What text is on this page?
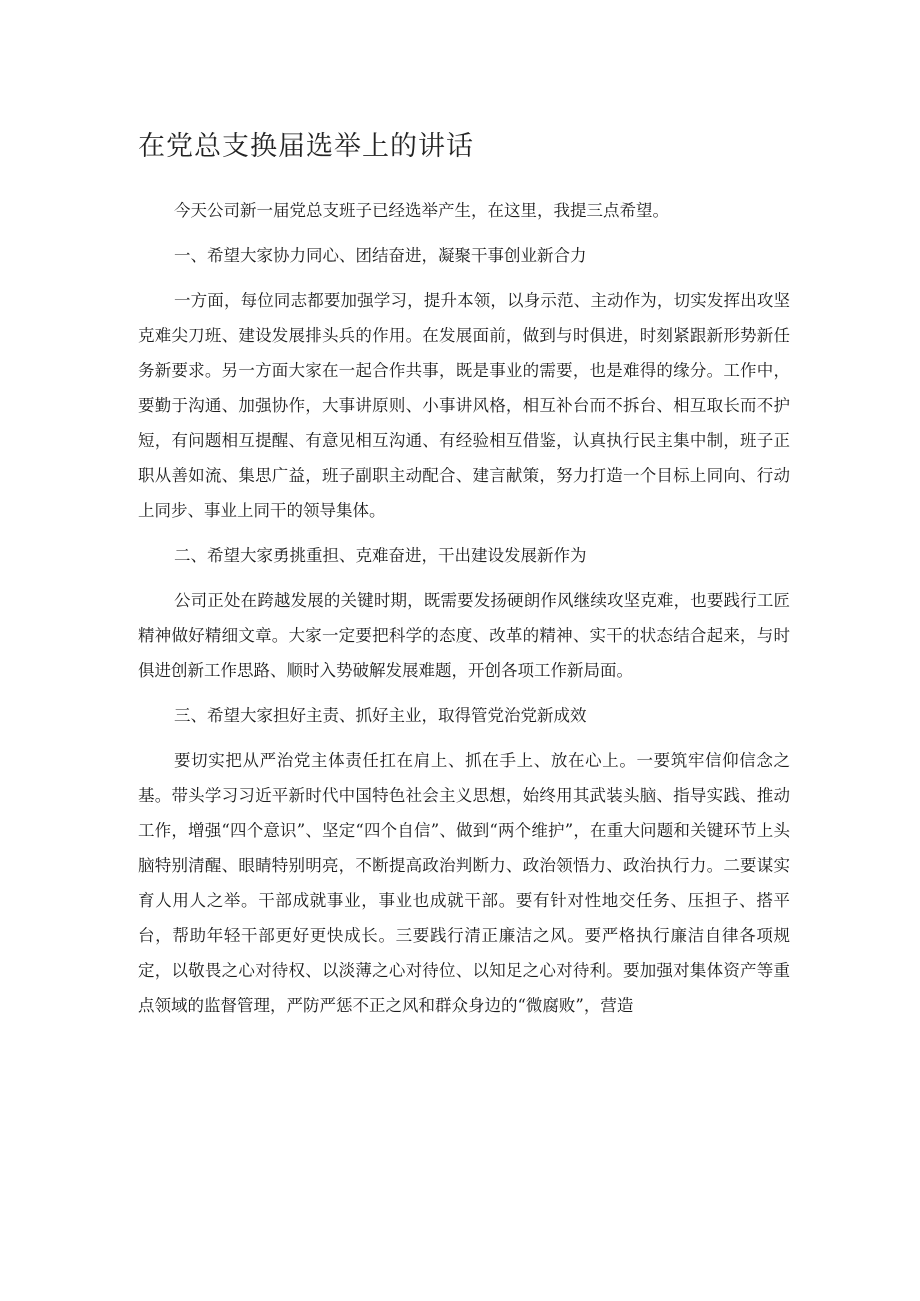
在党总支换届选举上的讲话

今天公司新一届党总支班子已经选举产生，在这里，我提三点希望。

一、希望大家协力同心、团结奋进，凝聚干事创业新合力

一方面，每位同志都要加强学习，提升本领，以身示范、主动作为，切实发挥出攻坚克难尖刀班、建设发展排头兵的作用。在发展面前，做到与时俱进，时刻紧跟新形势新任务新要求。另一方面大家在一起合作共事，既是事业的需要，也是难得的缘分。工作中，要勤于沟通、加强协作，大事讲原则、小事讲风格，相互补台而不拆台、相互取长而不护短，有问题相互提醒、有意见相互沟通、有经验相互借鉴，认真执行民主集中制，班子正职从善如流、集思广益，班子副职主动配合、建言献策，努力打造一个目标上同向、行动上同步、事业上同干的领导集体。

二、希望大家勇挑重担、克难奋进，干出建设发展新作为

公司正处在跨越发展的关键时期，既需要发扬硬朗作风继续攻坚克难，也要践行工匠精神做好精细文章。大家一定要把科学的态度、改革的精神、实干的状态结合起来，与时俱进创新工作思路、顺时入势破解发展难题，开创各项工作新局面。

三、希望大家担好主责、抓好主业，取得管党治党新成效

要切实把从严治党主体责任扛在肩上、抓在手上、放在心上。一要筑牢信仰信念之基。带头学习习近平新时代中国特色社会主义思想，始终用其武装头脑、指导实践、推动工作，增强“四个意识”、坚定“四个自信”、做到“两个维护”，在重大问题和关键环节上头脑特别清醒、眼睛特别明亮，不断提高政治判断力、政治领悟力、政治执行力。二要谋实育人用人之举。干部成就事业，事业也成就干部。要有针对性地交任务、压担子、搭平台，帮助年轻干部更好更快成长。三要践行清正廉洁之风。要严格执行廉洁自律各项规定，以敬畏之心对待权、以淡薄之心对待位、以知足之心对待利。要加强对集体资产等重点领域的监督管理，严防严惩不正之风和群众身边的“微腐败”，营造
